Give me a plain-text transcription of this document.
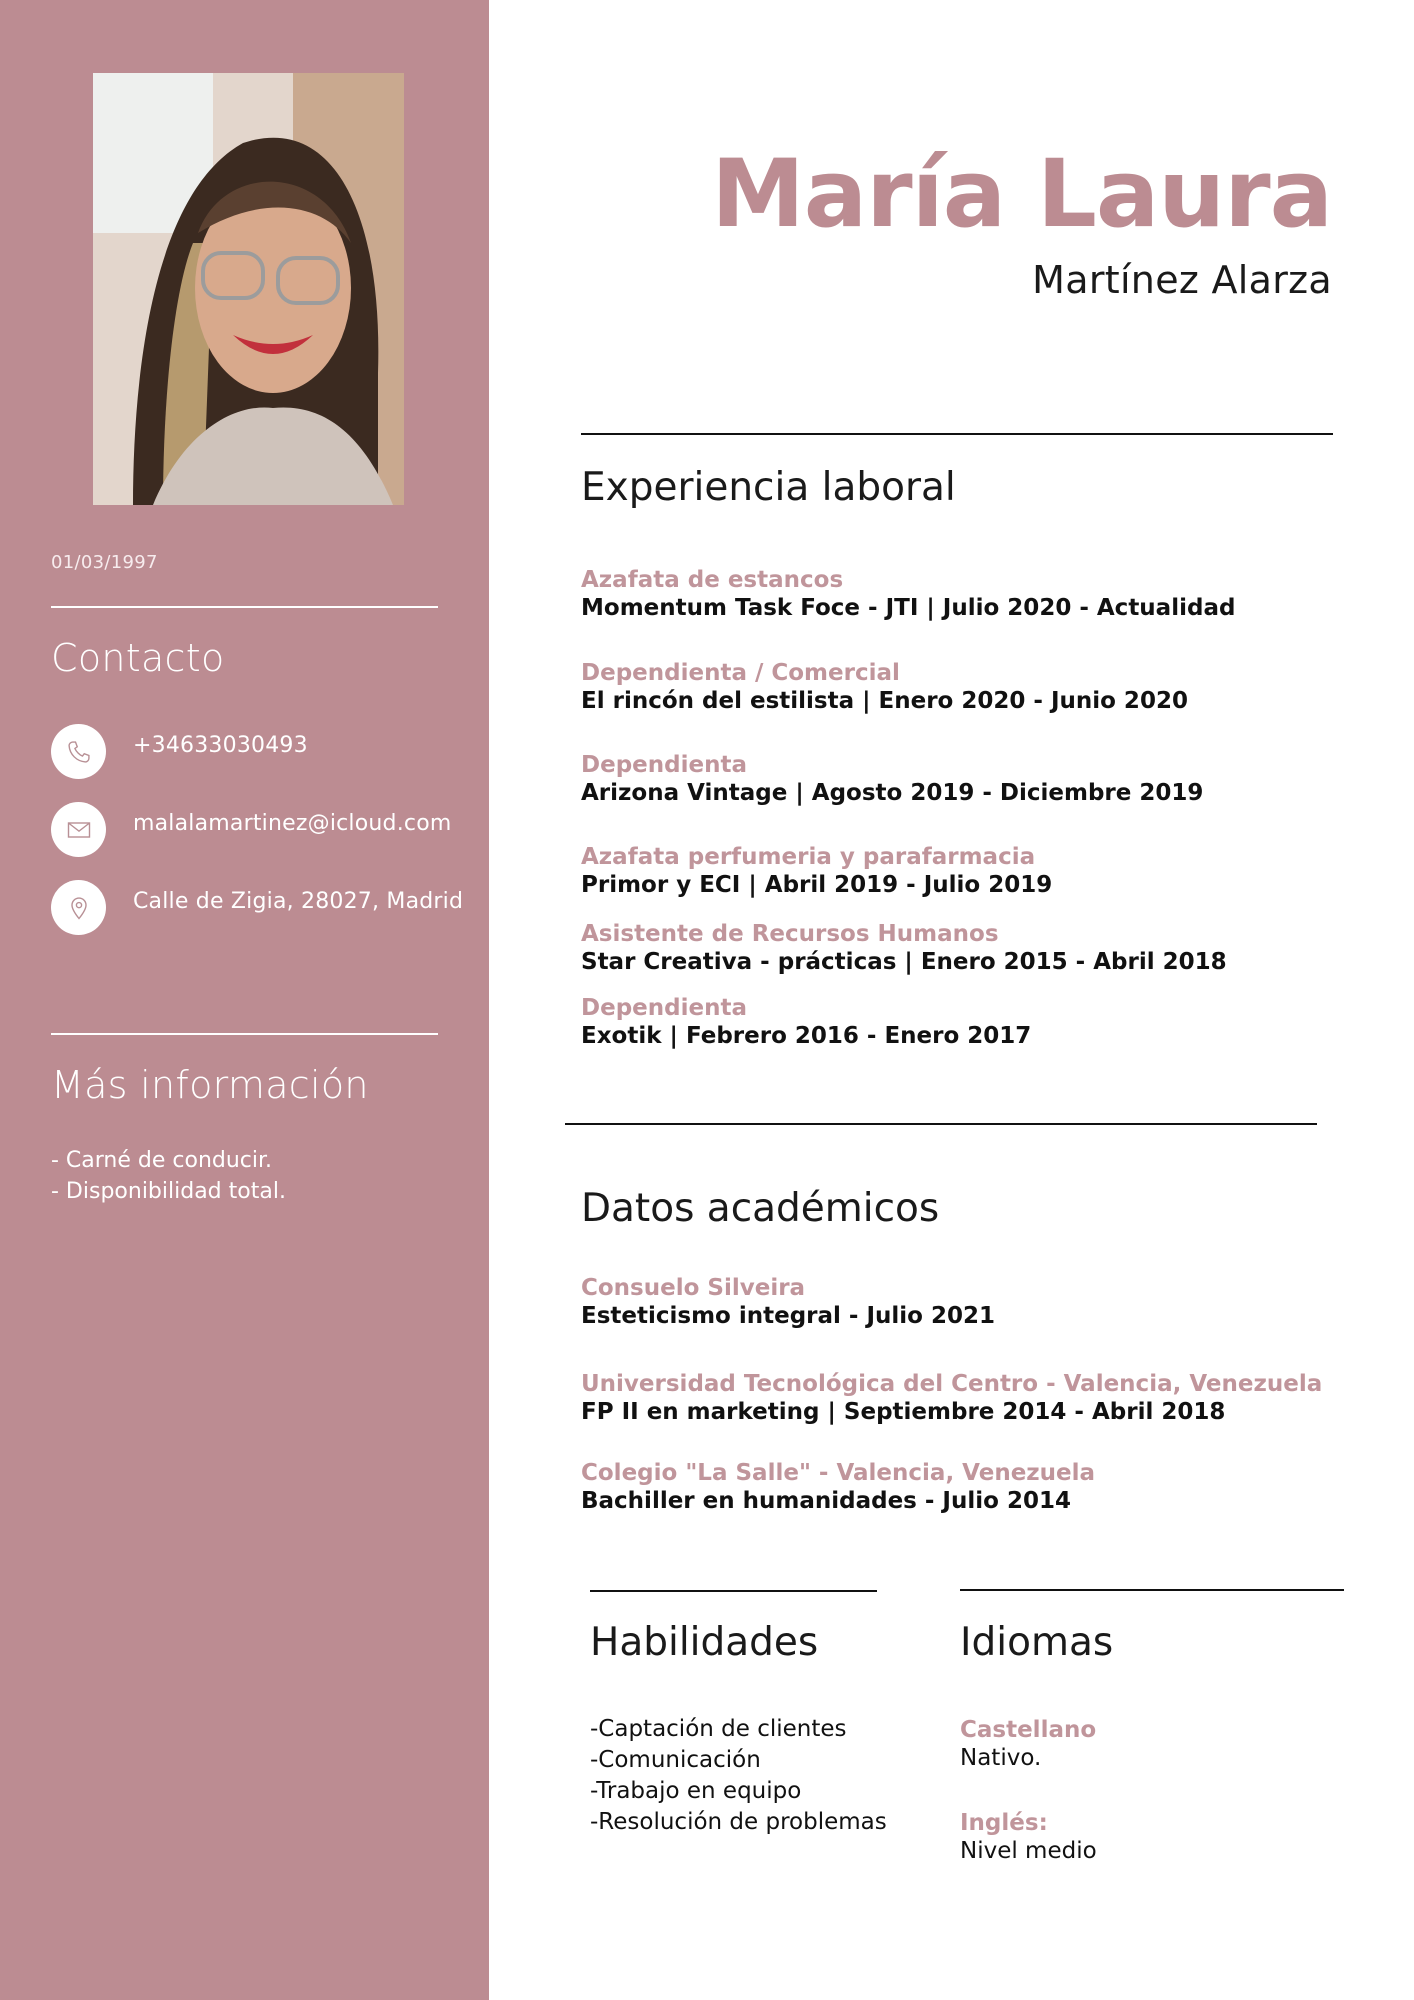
01/03/1997
Contacto
+34633030493
malalamartinez@icloud.com
Calle de Zigia, 28027, Madrid
Más información
- Carné de conducir.
- Disponibilidad total.
María Laura
Martínez Alarza
Experiencia laboral
Azafata de estancos
Momentum Task Foce - JTI | Julio 2020 - Actualidad
Dependienta / Comercial
El rincón del estilista | Enero 2020 - Junio 2020
Dependienta
Arizona Vintage | Agosto 2019 - Diciembre 2019
Azafata perfumeria y parafarmacia
Primor y ECI | Abril 2019 - Julio 2019
Asistente de Recursos Humanos
Star Creativa - prácticas | Enero 2015 - Abril 2018
Dependienta
Exotik | Febrero 2016 - Enero 2017
Datos académicos
Consuelo Silveira
Esteticismo integral - Julio 2021
Universidad Tecnológica del Centro - Valencia, Venezuela
FP II en marketing | Septiembre 2014 - Abril 2018
Colegio "La Salle" - Valencia, Venezuela
Bachiller en humanidades - Julio 2014
Habilidades	Idiomas
-Captación de clientes
-Comunicación
-Trabajo en equipo
-Resolución de problemas
Castellano
Nativo.
Inglés:
Nivel medio
